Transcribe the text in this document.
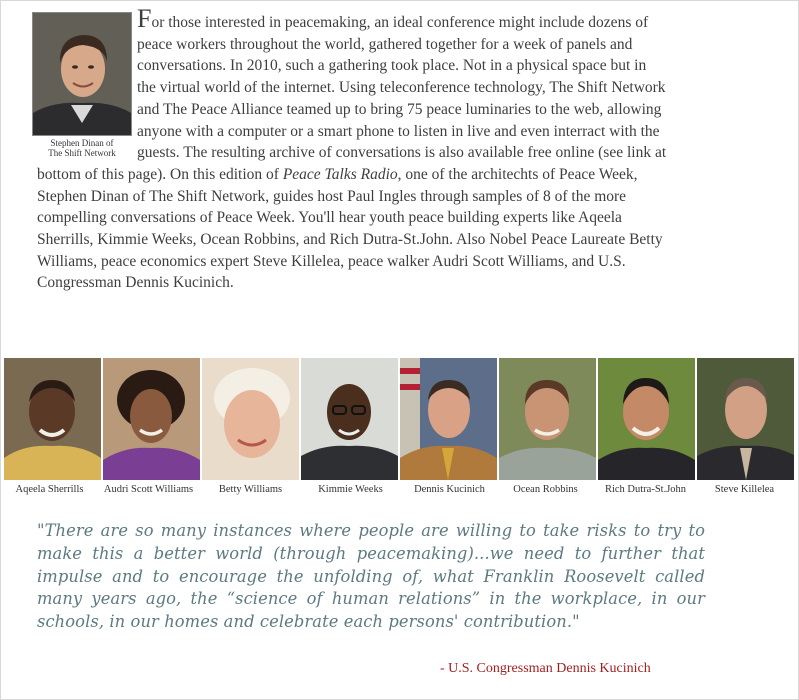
Stephen Dinan of
The Shift Network
For those interested in peacemaking, an ideal conference might include dozens of peace workers throughout the world, gathered together for a week of panels and conversations. In 2010, such a gathering took place. Not in a physical space but in the virtual world of the internet. Using teleconference technology, The Shift Network and The Peace Alliance teamed up to bring 75 peace luminaries to the web, allowing anyone with a computer or a smart phone to listen in live and even interract with the guests. The resulting archive of conversations is also available free online (see link at bottom of this page). On this edition of Peace Talks Radio, one of the architechts of Peace Week, Stephen Dinan of The Shift Network, guides host Paul Ingles through samples of 8 of the more compelling conversations of Peace Week. You'll hear youth peace building experts like Aqeela Sherrills, Kimmie Weeks, Ocean Robbins, and Rich Dutra-St.John. Also Nobel Peace Laureate Betty Williams, peace economics expert Steve Killelea, peace walker Audri Scott Williams, and U.S. Congressman Dennis Kucinich.
Aqeela Sherrills	Audri Scott Williams	Betty Williams	Kimmie Weeks	Dennis Kucinich	Ocean Robbins	Rich Dutra-St.John	Steve Killelea
"There are so many instances where people are willing to take risks to try to make this a better world (through peacemaking)...we need to further that impulse and to encourage the unfolding of, what Franklin Roosevelt called many years ago, the “science of human relations” in the workplace, in our schools, in our homes and celebrate each persons' contribution."
- U.S. Congressman Dennis Kucinich
